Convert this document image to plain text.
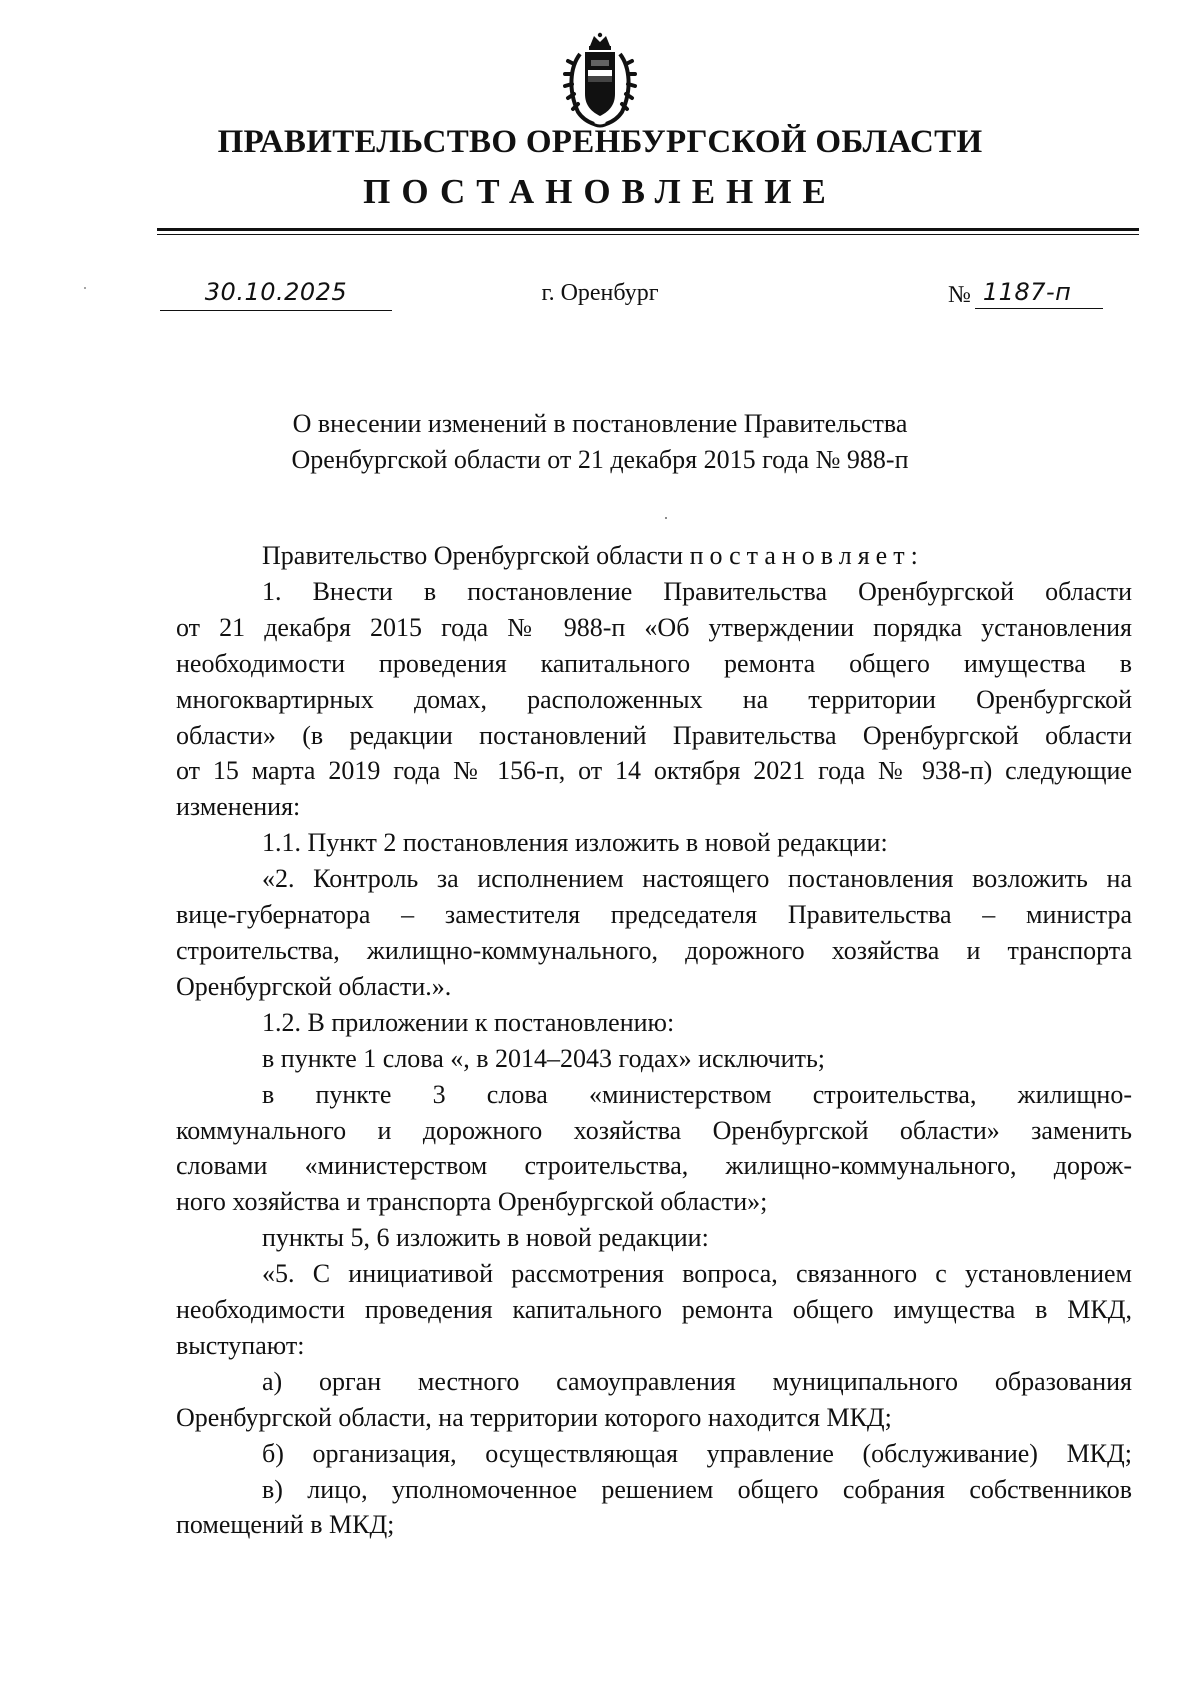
ПРАВИТЕЛЬСТВО ОРЕНБУРГСКОЙ ОБЛАСТИ
ПОСТАНОВЛЕНИЕ
30.10.2025	г. Оренбург	№ 1187-п

О внесении изменений в постановление Правительства

Оренбургской области от 21 декабря 2015 года № 988-п

Правительство Оренбургской области постановляет:

1. Внести в постановление Правительства Оренбургской области

от 21 декабря 2015 года № 988-п «Об утверждении порядка установления

необходимости проведения капитального ремонта общего имущества в

многоквартирных домах, расположенных на территории Оренбургской

области» (в редакции постановлений Правительства Оренбургской области

от 15 марта 2019 года № 156-п, от 14 октября 2021 года № 938-п) следующие

изменения:

1.1. Пункт 2 постановления изложить в новой редакции:

«2. Контроль за исполнением настоящего постановления возложить на

вице-губернатора – заместителя председателя Правительства – министра

строительства, жилищно-коммунального, дорожного хозяйства и транспорта

Оренбургской области.».

1.2. В приложении к постановлению:

в пункте 1 слова «, в 2014–2043 годах» исключить;

в пункте 3 слова «министерством строительства, жилищно-

коммунального и дорожного хозяйства Оренбургской области» заменить

словами «министерством строительства, жилищно-коммунального, дорож-

ного хозяйства и транспорта Оренбургской области»;

пункты 5, 6 изложить в новой редакции:

«5. С инициативой рассмотрения вопроса, связанного с установлением

необходимости проведения капитального ремонта общего имущества в МКД,

выступают:

а) орган местного самоуправления муниципального образования

Оренбургской области, на территории которого находится МКД;

б) организация, осуществляющая управление (обслуживание) МКД;

в) лицо, уполномоченное решением общего собрания собственников

помещений в МКД;
